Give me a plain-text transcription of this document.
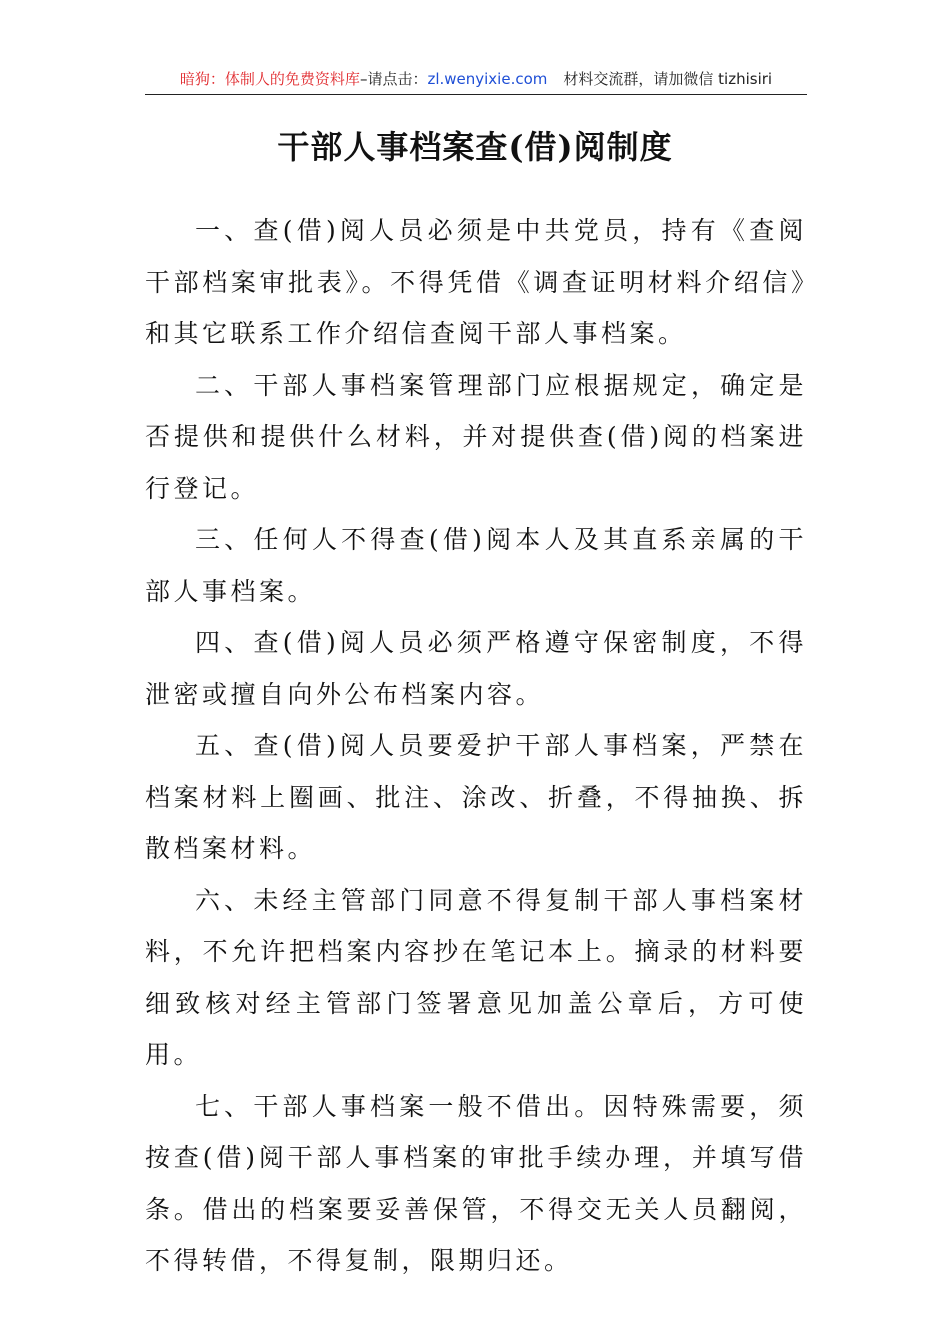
暗狗：体制人的免费资料库–请点击：zl.wenyixie.com 材料交流群，请加微信 tizhisiri
干部人事档案查(借)阅制度

一、查(借)阅人员必须是中共党员，持有《查阅干部档案审批表》。不得凭借《调查证明材料介绍信》和其它联系工作介绍信查阅干部人事档案。

二、干部人事档案管理部门应根据规定，确定是否提供和提供什么材料，并对提供查(借)阅的档案进行登记。

三、任何人不得查(借)阅本人及其直系亲属的干部人事档案。

四、查(借)阅人员必须严格遵守保密制度，不得泄密或擅自向外公布档案内容。

五、查(借)阅人员要爱护干部人事档案，严禁在档案材料上圈画、批注、涂改、折叠，不得抽换、拆散档案材料。

六、未经主管部门同意不得复制干部人事档案材料，不允许把档案内容抄在笔记本上。摘录的材料要细致核对经主管部门签署意见加盖公章后，方可使用。

七、干部人事档案一般不借出。因特殊需要，须按查(借)阅干部人事档案的审批手续办理，并填写借条。借出的档案要妥善保管，不得交无关人员翻阅，不得转借，不得复制，限期归还。
